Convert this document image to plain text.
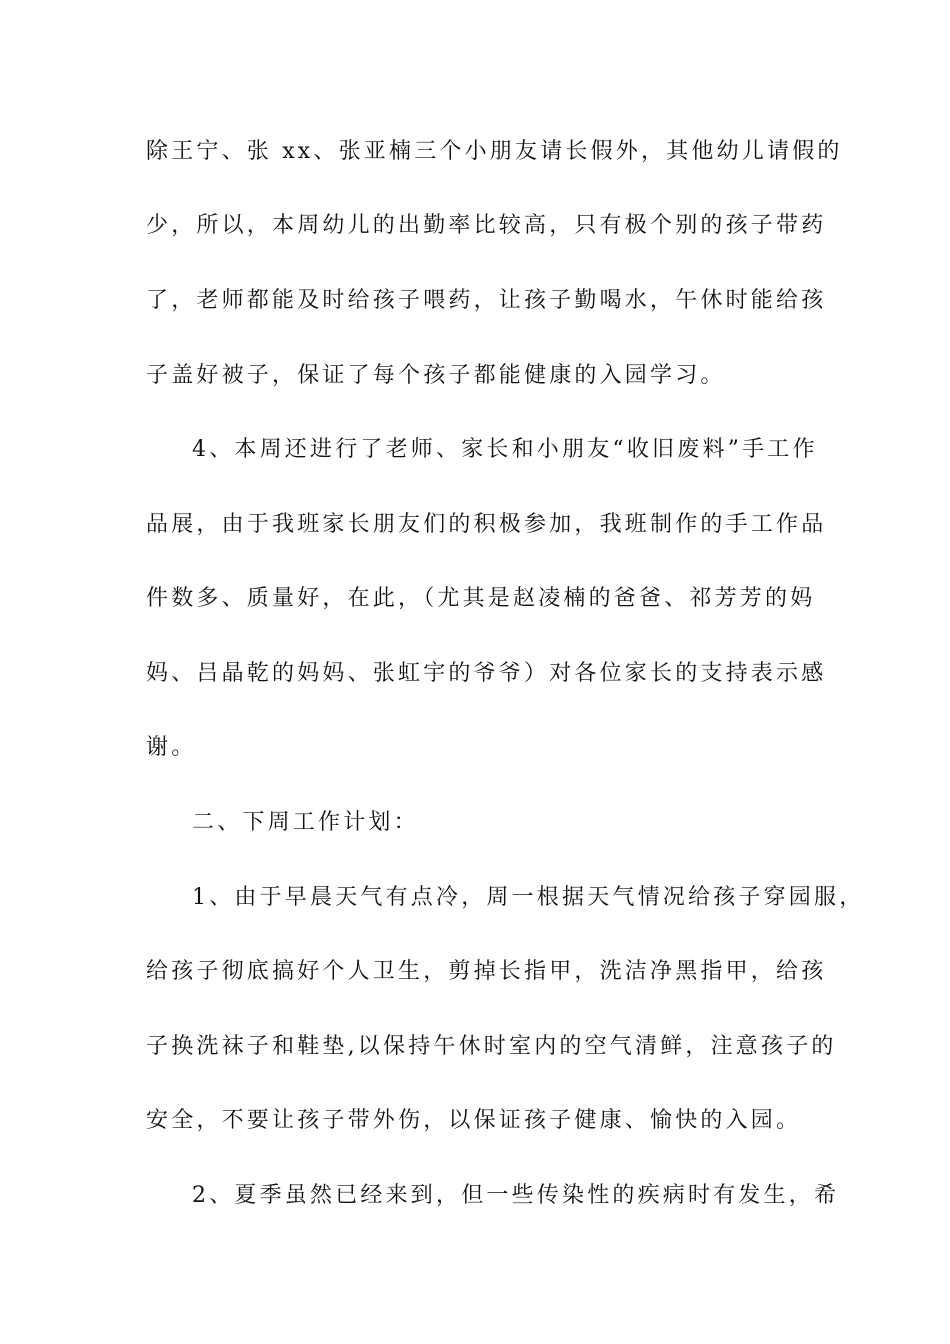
除王宁、张 xx、张亚楠三个小朋友请长假外，其他幼儿请假的
少，所以，本周幼儿的出勤率比较高，只有极个别的孩子带药
了，老师都能及时给孩子喂药，让孩子勤喝水，午休时能给孩
子盖好被子，保证了每个孩子都能健康的入园学习。
4、本周还进行了老师、家长和小朋友“收旧废料”手工作
品展，由于我班家长朋友们的积极参加，我班制作的手工作品
件数多、质量好，在此，（尤其是赵凌楠的爸爸、祁芳芳的妈
妈、吕晶乾的妈妈、张虹宇的爷爷）对各位家长的支持表示感
谢。
二、下周工作计划：
1、由于早晨天气有点冷，周一根据天气情况给孩子穿园服，
给孩子彻底搞好个人卫生，剪掉长指甲，洗洁净黑指甲，给孩
子换洗袜子和鞋垫,以保持午休时室内的空气清鲜，注意孩子的
安全，不要让孩子带外伤，以保证孩子健康、愉快的入园。
2、夏季虽然已经来到，但一些传染性的疾病时有发生，希
